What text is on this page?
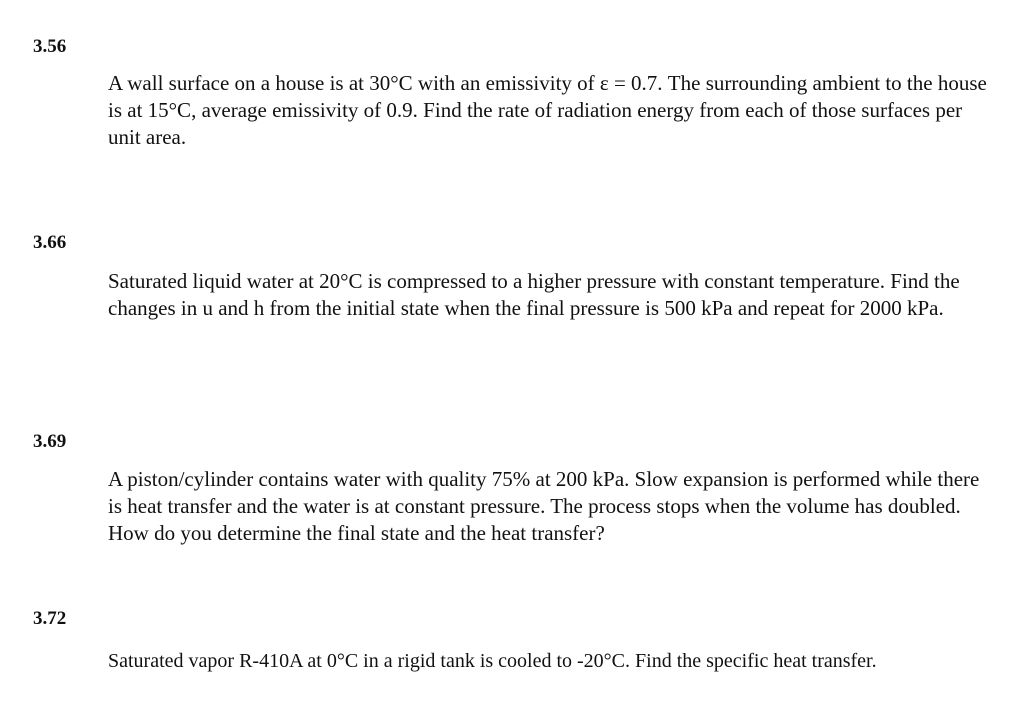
3.56

A wall surface on a house is at 30°C with an emissivity of ε = 0.7. The surrounding ambient to the house is at 15°C, average emissivity of 0.9. Find the rate of radiation energy from each of those surfaces per unit area.

3.66

Saturated liquid water at 20°C is compressed to a higher pressure with constant temperature. Find the changes in u and h from the initial state when the final pressure is 500 kPa and repeat for 2000 kPa.

3.69

A piston/cylinder contains water with quality 75% at 200 kPa. Slow expansion is performed while there is heat transfer and the water is at constant pressure. The process stops when the volume has doubled. How do you determine the final state and the heat transfer?

3.72

Saturated vapor R-410A at 0°C in a rigid tank is cooled to -20°C. Find the specific heat transfer.
